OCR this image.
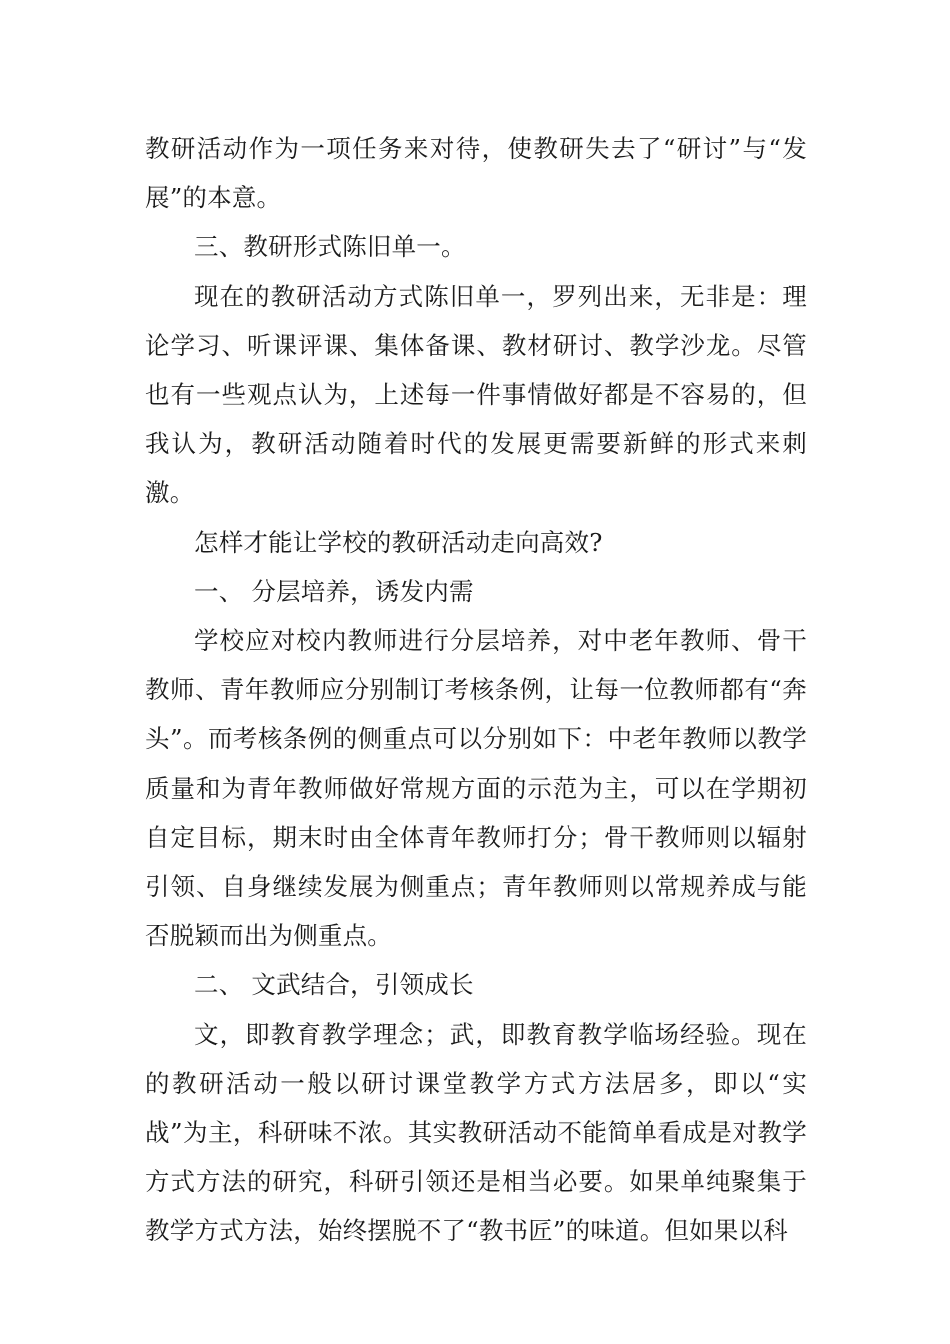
教研活动作为一项任务来对待，使教研失去了“研讨”与“发展”的本意。

三、教研形式陈旧单一。

现在的教研活动方式陈旧单一，罗列出来，无非是：理论学习、听课评课、集体备课、教材研讨、教学沙龙。尽管也有一些观点认为，上述每一件事情做好都是不容易的，但我认为，教研活动随着时代的发展更需要新鲜的形式来刺激。

怎样才能让学校的教研活动走向高效?

一、 分层培养，诱发内需

学校应对校内教师进行分层培养，对中老年教师、骨干教师、青年教师应分别制订考核条例，让每一位教师都有“奔头”。而考核条例的侧重点可以分别如下：中老年教师以教学质量和为青年教师做好常规方面的示范为主，可以在学期初自定目标，期末时由全体青年教师打分；骨干教师则以辐射引领、自身继续发展为侧重点；青年教师则以常规养成与能否脱颖而出为侧重点。

二、 文武结合，引领成长

文，即教育教学理念；武，即教育教学临场经验。现在的教研活动一般以研讨课堂教学方式方法居多，即以“实战”为主，科研味不浓。其实教研活动不能简单看成是对教学方式方法的研究，科研引领还是相当必要。如果单纯聚集于教学方式方法，始终摆脱不了“教书匠”的味道。但如果以科
